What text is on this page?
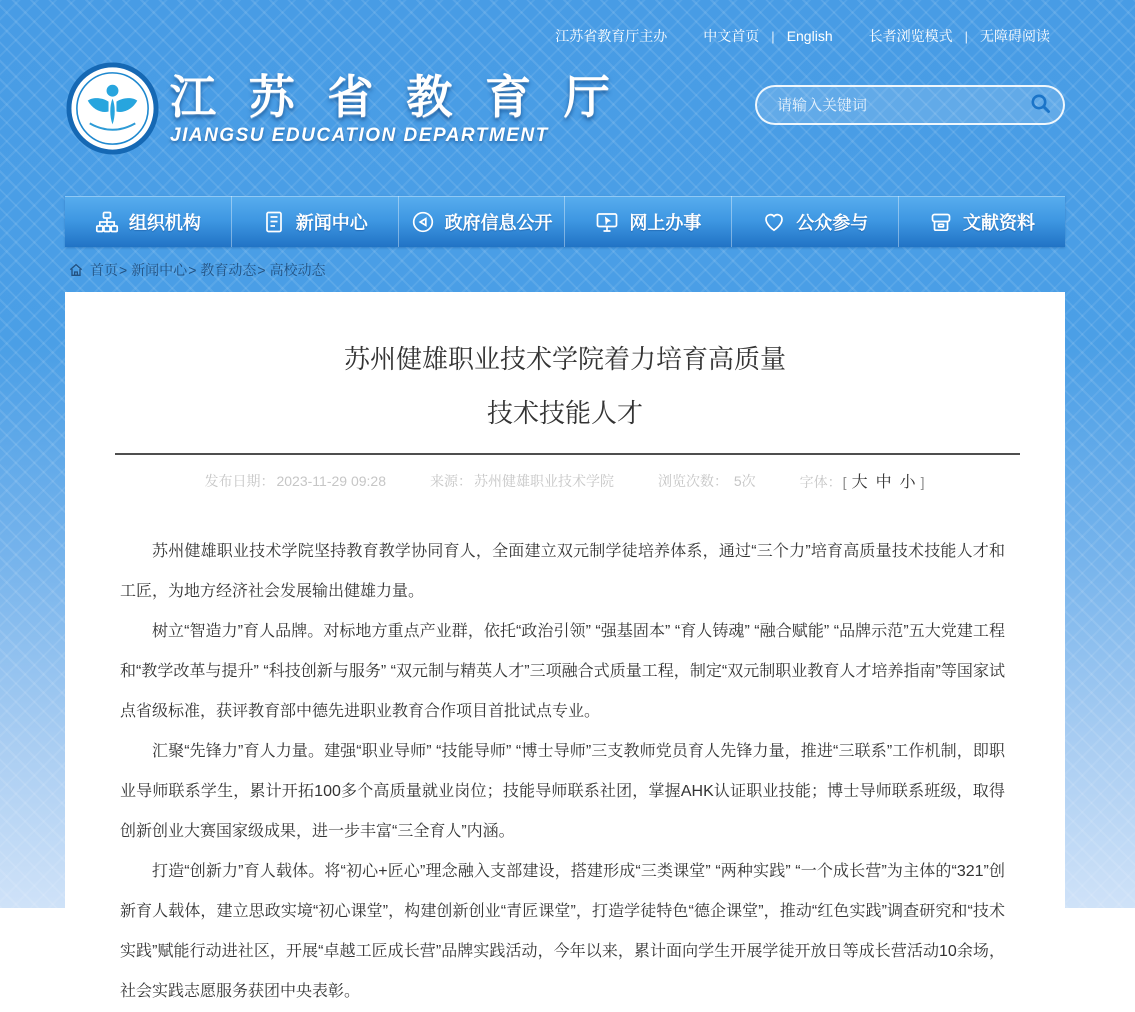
江苏省教育厅主办	中文首页 | English	长者浏览模式 | 无障碍阅读
江 苏 省 教 育 厅
JIANGSU EDUCATION DEPARTMENT
请输入关键词
组织机构	新闻中心	政府信息公开	网上办事	公众参与	文献资料
首页 > 新闻中心 > 教育动态 > 高校动态
苏州健雄职业技术学院着力培育高质量
技术技能人才
发布日期： 2023-11-29 09:28	来源： 苏州健雄职业技术学院	浏览次数： 5次	字体：[ 大 中 小 ]

苏州健雄职业技术学院坚持教育教学协同育人，全面建立双元制学徒培养体系，通过“三个力”培育高质量技术技能人才和工匠，为地方经济社会发展输出健雄力量。

树立“智造力”育人品牌。对标地方重点产业群，依托“政治引领” “强基固本” “育人铸魂” “融合赋能” “品牌示范”五大党建工程和“教学改革与提升” “科技创新与服务” “双元制与精英人才”三项融合式质量工程，制定“双元制职业教育人才培养指南”等国家试点省级标准，获评教育部中德先进职业教育合作项目首批试点专业。

汇聚“先锋力”育人力量。建强“职业导师” “技能导师” “博士导师”三支教师党员育人先锋力量，推进“三联系”工作机制，即职业导师联系学生，累计开拓100多个高质量就业岗位；技能导师联系社团，掌握AHK认证职业技能；博士导师联系班级，取得创新创业大赛国家级成果，进一步丰富“三全育人”内涵。

打造“创新力”育人载体。将“初心+匠心”理念融入支部建设，搭建形成“三类课堂” “两种实践” “一个成长营”为主体的“321”创新育人载体，建立思政实境“初心课堂”，构建创新创业“青匠课堂”，打造学徒特色“德企课堂”，推动“红色实践”调查研究和“技术实践”赋能行动进社区，开展“卓越工匠成长营”品牌实践活动，今年以来，累计面向学生开展学徒开放日等成长营活动10余场，社会实践志愿服务获团中央表彰。
